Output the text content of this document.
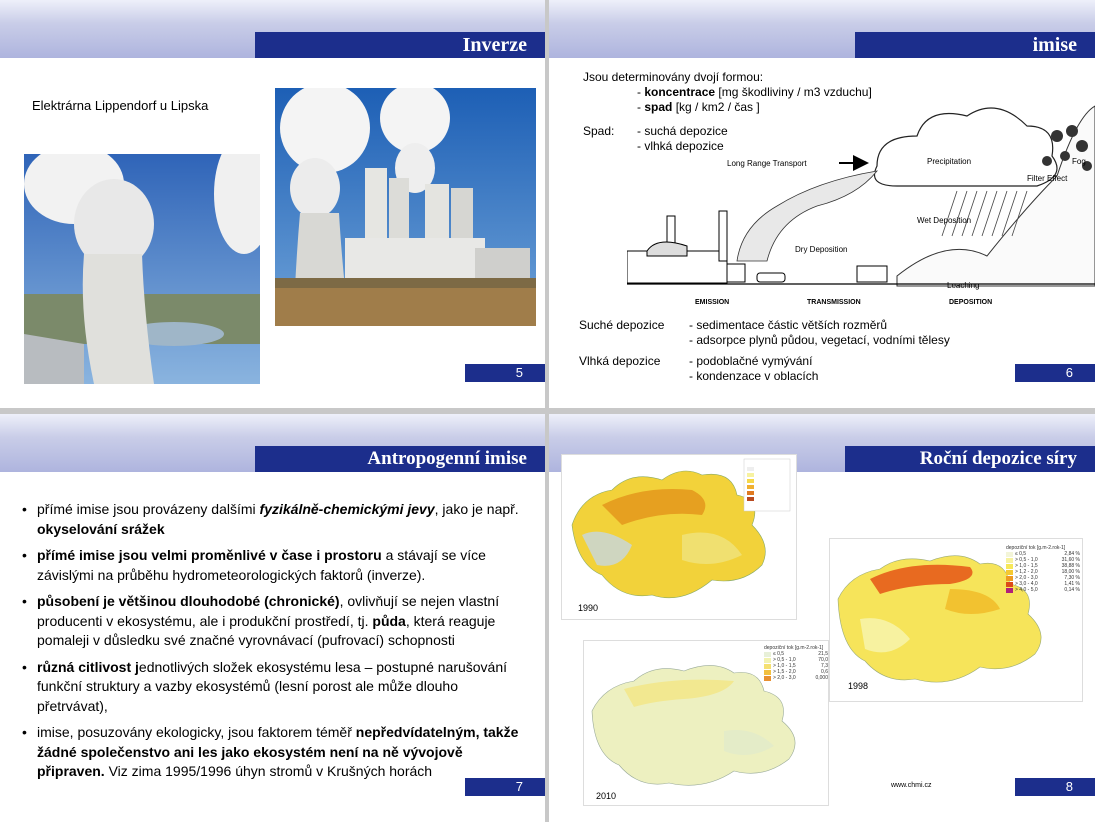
Inverze
Elektrárna Lippendorf u Lipska
5
imise
Long Range Transport	Precipitation	Fog
Filter Effect
Wet Deposition
Dry Deposition
Leaching
EMISSION	TRANSMISSION	DEPOSITION
Jsou determinovány dvojí formou:
- koncentrace [mg škodliviny / m3 vzduchu]
- spad [kg / km2 / čas ]
Spad: - suchá depozice
- vlhká depozice
Suché depozice - sedimentace částic větších rozměrů
- adsorpce plynů půdou, vegetací, vodními tělesy
Vlhká depozice - podoblačné vymývání
- kondenzace v oblacích	6
Antropogenní imise
• přímé imise jsou provázeny dalšími fyzikálně-chemickými jevy, jako je např. okyselování srážek
• přímé imise jsou velmi proměnlivé v čase i prostoru a stávají se více závislými na průběhu hydrometeorologických faktorů (inverze).
• působení je většinou dlouhodobé (chronické), ovlivňují se nejen vlastní producenti v ekosystému, ale i produkční prostředí, tj. půda, která reaguje pomaleji v důsledku své značné vyrovnávací (pufrovací) schopnosti
• různá citlivost jednotlivých složek ekosystému lesa – postupné narušování funkční struktury a vazby ekosystémů (lesní porost ale může dlouho přetrvávat),
• imise, posuzovány ekologicky, jsou faktorem téměř nepředvídatelným, takže žádné společenstvo ani les jako ekosystém není na ně vývojově připraven. Viz zima 1995/1996 úhyn stromů v Krušných horách
7
Roční depozice síry
1990
depoziční tok [g.m-2.rok-1]
≤ 0,5	2,84 %
> 0,5 - 1,0	31,60 %
> 1,0 - 1,5	38,88 %
> 1,2 - 2,0	18,00 %
> 2,0 - 3,0	7,30 %
> 3,0 - 4,0	1,41 %
> 4,0 - 5,0	0,14 %
1998
depoziční tok [g.m-2.rok-1]
≤ 0,5	21,5
> 0,5 - 1,0	70,0
> 1,0 - 1,5	7,3
> 1,5 - 2,0	0,6
> 2,0 - 3,0	0,000
2010
www.chmi.cz	8
